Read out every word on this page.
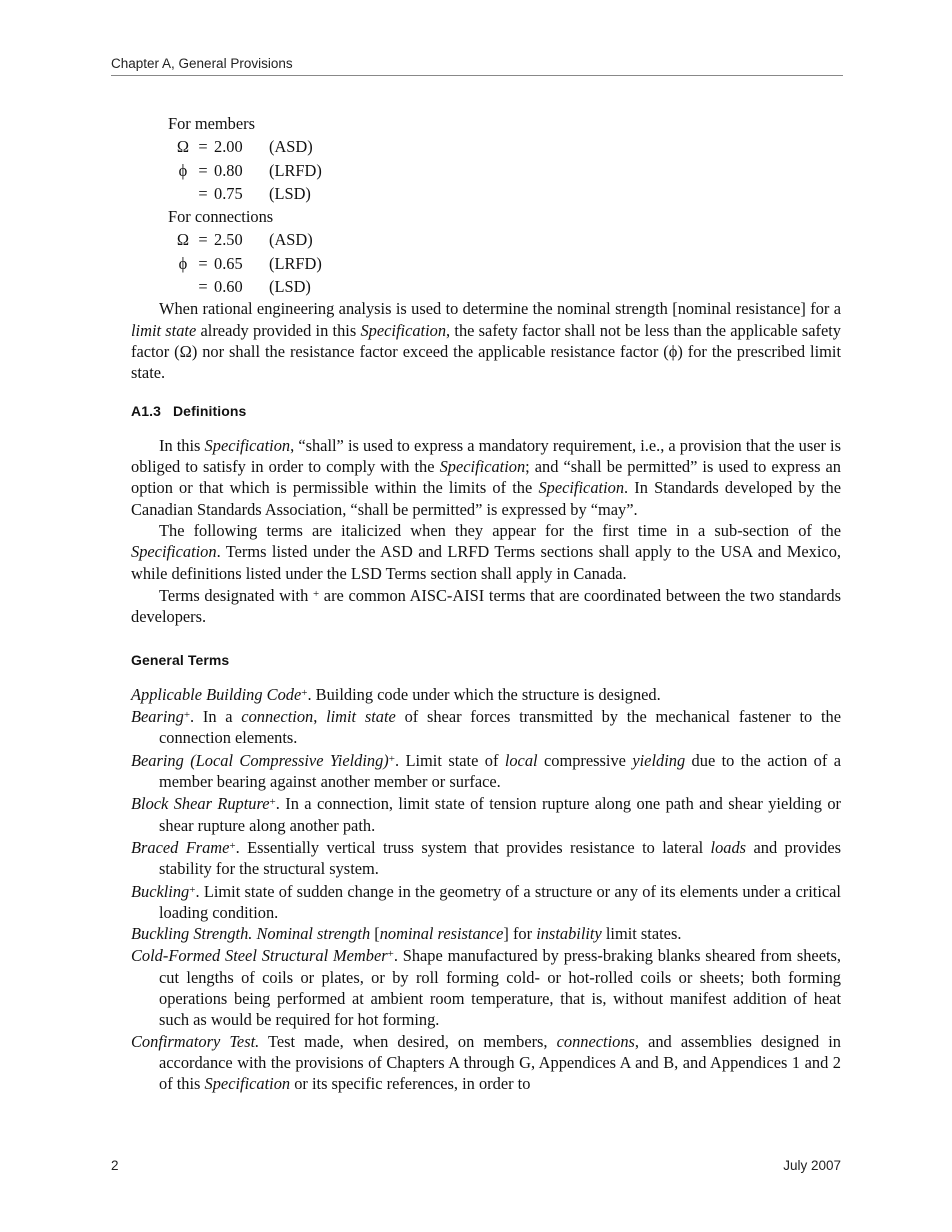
Chapter A, General Provisions
For members
Ω = 2.00	(ASD)
ϕ = 0.80	(LRFD)
= 0.75	(LSD)
For connections
Ω = 2.50	(ASD)
ϕ = 0.65	(LRFD)
= 0.60	(LSD)

When rational engineering analysis is used to determine the nominal strength [nominal resistance] for a limit state already provided in this Specification, the safety factor shall not be less than the applicable safety factor (Ω) nor shall the resistance factor exceed the applicable resistance factor (ϕ) for the prescribed limit state.

A1.3 Definitions

In this Specification, “shall” is used to express a mandatory requirement, i.e., a provision that the user is obliged to satisfy in order to comply with the Specification; and “shall be permitted” is used to express an option or that which is permissible within the limits of the Specification. In Standards developed by the Canadian Standards Association, “shall be permitted” is expressed by “may”.

The following terms are italicized when they appear for the first time in a sub-section of the Specification. Terms listed under the ASD and LRFD Terms sections shall apply to the USA and Mexico, while definitions listed under the LSD Terms section shall apply in Canada.

Terms designated with + are common AISC-AISI terms that are coordinated between the two standards developers.

General Terms

Applicable Building Code+. Building code under which the structure is designed.

Bearing+. In a connection, limit state of shear forces transmitted by the mechanical fastener to the connection elements.

Bearing (Local Compressive Yielding)+. Limit state of local compressive yielding due to the action of a member bearing against another member or surface.

Block Shear Rupture+. In a connection, limit state of tension rupture along one path and shear yielding or shear rupture along another path.

Braced Frame+. Essentially vertical truss system that provides resistance to lateral loads and provides stability for the structural system.

Buckling+. Limit state of sudden change in the geometry of a structure or any of its elements under a critical loading condition.

Buckling Strength. Nominal strength [nominal resistance] for instability limit states.

Cold-Formed Steel Structural Member+. Shape manufactured by press-braking blanks sheared from sheets, cut lengths of coils or plates, or by roll forming cold- or hot-rolled coils or sheets; both forming operations being performed at ambient room temperature, that is, without manifest addition of heat such as would be required for hot forming.

Confirmatory Test. Test made, when desired, on members, connections, and assemblies designed in accordance with the provisions of Chapters A through G, Appendices A and B, and Appendices 1 and 2 of this Specification or its specific references, in order to

2	July 2007
